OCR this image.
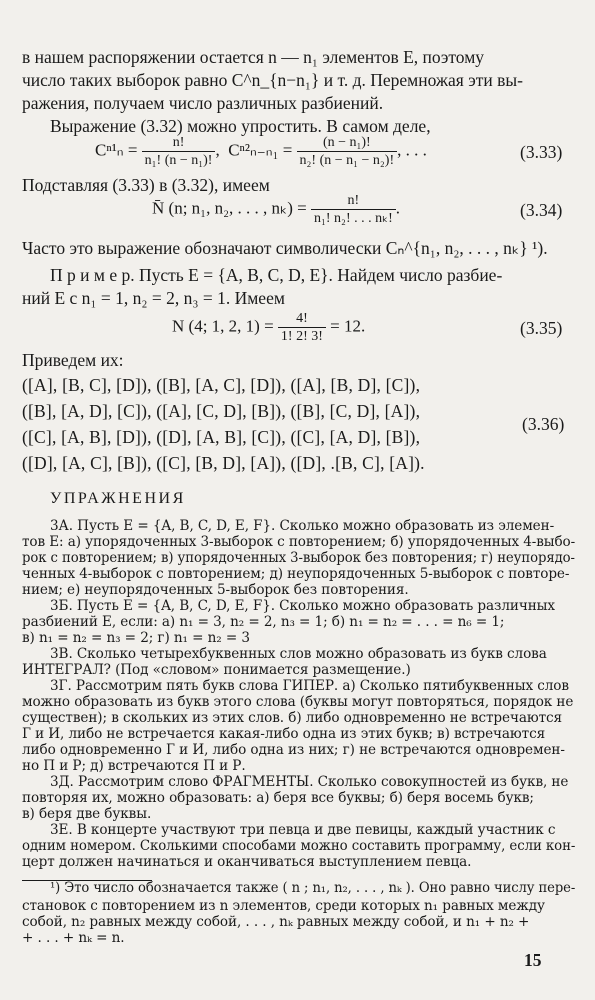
в нашем распоряжении остается n — n₁ элементов E, поэтому
число таких выборок равно C^n_{n−n₁} и т. д. Перемножая эти вы-
ражения, получаем число различных разбиений.
Выражение (3.32) можно упростить. В самом деле,
$C^{n1}_n = \frac{n!}{\text{n₁! (n − n₁)!}}$ , $C^{n2}_{n-n1} = \frac{\text{(n − n₁)!}}{\text{n₂! (n − n₁ − n₂)!}}$ , . . .	(3.33)
Подставляя (3.33) в (3.32), имеем
N̄ (n; n₁, n₂, . . . , $n_k) = \frac{n!}{\text{n₁! n₂! . . . nₖ!}}$ .	(3.34)
Часто это выражение обозначают символически Cₙ^{n₁, n₂, . . . , nₖ} ¹).
П р и м е р. Пусть E = {A, B, C, D, E}. Найдем число разбие-
ний E с n₁ = 1, n₂ = 2, n₃ = 1. Имеем
N (4; 1, 2, $1) = \frac{4!}{1! 2! 3!} = 12$.	(3.35)
Приведем их:
([A], [B, C], [D]), ([B], [A, C], [D]), ([A], [B, D], [C]),
([B], [A, D], [C]), ([A], [C, D], [B]), ([B], [C, D], [A]),
([C], [A, B], [D]), ([D], [A, B], [C]), ([C], [A, D], [B]),
([D], [A, C], [B]), ([C], [B, D], [A]), ([D], .[B, C], [A]).
(3.36)
УПРАЖНЕНИЯ
3А. Пусть E = {A, B, C, D, E, F}. Сколько можно образовать из элемен-
тов E: а) упорядоченных 3-выборок с повторением; б) упорядоченных 4-выбо-
рок с повторением; в) упорядоченных 3-выборок без повторения; г) неупорядо-
ченных 4-выборок с повторением; д) неупорядоченных 5-выборок с повторе-
нием; е) неупорядоченных 5-выборок без повторения.
3Б. Пусть E = {A, B, C, D, E, F}. Сколько можно образовать различных
разбиений E, если: а) n₁ = 3, n₂ = 2, n₃ = 1; б) n₁ = n₂ = . . . = n₆ = 1;
в) n₁ = n₂ = n₃ = 2; г) n₁ = n₂ = 3
3В. Сколько четырехбуквенных слов можно образовать из букв слова
ИНТЕГРАЛ? (Под «словом» понимается размещение.)
3Г. Рассмотрим пять букв слова ГИПЕР. а) Сколько пятибуквенных слов
можно образовать из букв этого слова (буквы могут повторяться, порядок не
существен); в скольких из этих слов. б) либо одновременно не встречаются
Г и И, либо не встречается какая-либо одна из этих букв; в) встречаются
либо одновременно Г и И, либо одна из них; г) не встречаются одновремен-
но П и Р; д) встречаются П и Р.
3Д. Рассмотрим слово ФРАГМЕНТЫ. Сколько совокупностей из букв, не
повторяя их, можно образовать: а) беря все буквы; б) беря восемь букв;
в) беря две буквы.
3Е. В концерте участвуют три певца и две певицы, каждый участник с
одним номером. Сколькими способами можно составить программу, если кон-
церт должен начинаться и оканчиваться выступлением певца.
¹) Это число обозначается также ( n ; n₁, n₂, . . . , nₖ ). Оно равно числу пере-
становок с повторением из n элементов, среди которых n₁ равных между
собой, n₂ равных между собой, . . . , nₖ равных между собой, и n₁ + n₂ +
+ . . . + nₖ = n.
15
